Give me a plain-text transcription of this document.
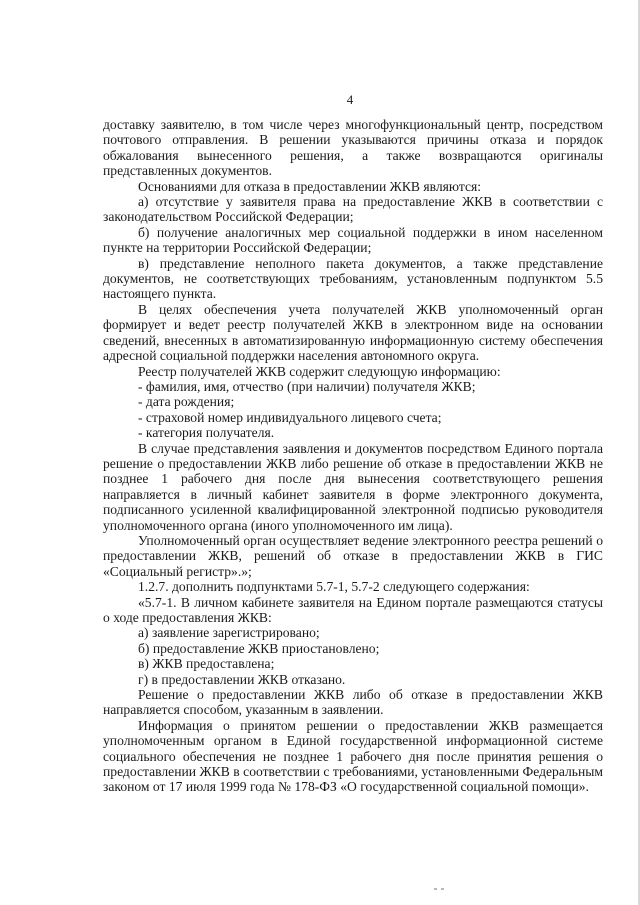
4

доставку заявителю, в том числе через многофункциональный центр, посредством почтового отправления. В решении указываются причины отказа и порядок обжалования вынесенного решения, а также возвращаются оригиналы представленных документов.

Основаниями для отказа в предоставлении ЖКВ являются:

а) отсутствие у заявителя права на предоставление ЖКВ в соответствии с законодательством Российской Федерации;

б) получение аналогичных мер социальной поддержки в ином населенном пункте на территории Российской Федерации;

в) представление неполного пакета документов, а также представление документов, не соответствующих требованиям, установленным подпунктом 5.5 настоящего пункта.

В целях обеспечения учета получателей ЖКВ уполномоченный орган формирует и ведет реестр получателей ЖКВ в электронном виде на основании сведений, внесенных в автоматизированную информационную систему обеспечения адресной социальной поддержки населения автономного округа.

Реестр получателей ЖКВ содержит следующую информацию:

- фамилия, имя, отчество (при наличии) получателя ЖКВ;

- дата рождения;

- страховой номер индивидуального лицевого счета;

- категория получателя.

В случае представления заявления и документов посредством Единого портала решение о предоставлении ЖКВ либо решение об отказе в предоставлении ЖКВ не позднее 1 рабочего дня после дня вынесения соответствующего решения направляется в личный кабинет заявителя в форме электронного документа, подписанного усиленной квалифицированной электронной подписью руководителя уполномоченного органа (иного уполномоченного им лица).

Уполномоченный орган осуществляет ведение электронного реестра решений о предоставлении ЖКВ, решений об отказе в предоставлении ЖКВ в ГИС «Социальный регистр».»;

1.2.7. дополнить подпунктами 5.7-1, 5.7-2 следующего содержания:

«5.7-1. В личном кабинете заявителя на Едином портале размещаются статусы о ходе предоставления ЖКВ:

а) заявление зарегистрировано;

б) предоставление ЖКВ приостановлено;

в) ЖКВ предоставлена;

г) в предоставлении ЖКВ отказано.

Решение о предоставлении ЖКВ либо об отказе в предоставлении ЖКВ направляется способом, указанным в заявлении.

Информация о принятом решении о предоставлении ЖКВ размещается уполномоченным органом в Единой государственной информационной системе социального обеспечения не позднее 1 рабочего дня после принятия решения о предоставлении ЖКВ в соответствии с требованиями, установленными Федеральным законом от 17 июля 1999 года № 178-ФЗ «О государственной социальной помощи».
